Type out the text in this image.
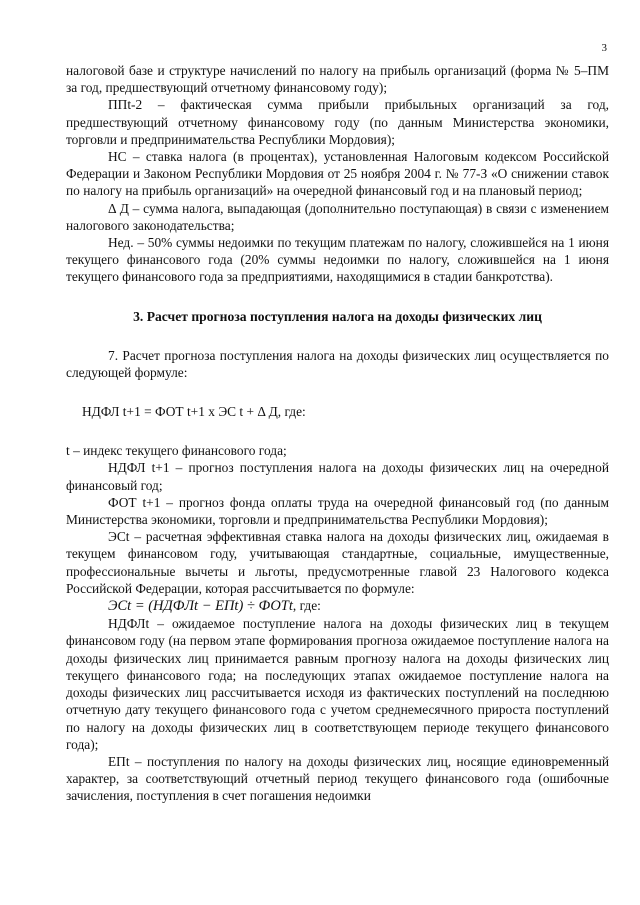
3

налоговой базе и структуре начислений по налогу на прибыль организаций (форма № 5–ПМ за год, предшествующий отчетному финансовому году);

ППt-2 – фактическая сумма прибыли прибыльных организаций за год, предшествующий отчетному финансовому году (по данным Министерства экономики, торговли и предпринимательства Республики Мордовия);

НС – ставка налога (в процентах), установленная Налоговым кодексом Российской Федерации и Законом Республики Мордовия от 25 ноября 2004 г. № 77-З «О снижении ставок по налогу на прибыль организаций» на очередной финансовый год и на плановый период;

Δ Д – сумма налога, выпадающая (дополнительно поступающая) в связи с изменением налогового законодательства;

Нед. – 50% суммы недоимки по текущим платежам по налогу, сложившейся на 1 июня текущего финансового года (20% суммы недоимки по налогу, сложившейся на 1 июня текущего финансового года за предприятиями, находящимися в стадии банкротства).

3. Расчет прогноза поступления налога на доходы физических лиц

7. Расчет прогноза поступления налога на доходы физических лиц осуществляется по следующей формуле:

НДФЛ t+1 = ФОТ t+1 х ЭС t + Δ Д, где:

t – индекс текущего финансового года;

НДФЛ t+1 – прогноз поступления налога на доходы физических лиц на очередной финансовый год;

ФОТ t+1 – прогноз фонда оплаты труда на очередной финансовый год (по данным Министерства экономики, торговли и предпринимательства Республики Мордовия);

ЭСt – расчетная эффективная ставка налога на доходы физических лиц, ожидаемая в текущем финансовом году, учитывающая стандартные, социальные, имущественные, профессиональные вычеты и льготы, предусмотренные главой 23 Налогового кодекса Российской Федерации, которая рассчитывается по формуле:

ЭСt = (НДФЛt − ЕПt) ÷ ФОТt, где:

НДФЛt – ожидаемое поступление налога на доходы физических лиц в текущем финансовом году (на первом этапе формирования прогноза ожидаемое поступление налога на доходы физических лиц принимается равным прогнозу налога на доходы физических лиц текущего финансового года; на последующих этапах ожидаемое поступление налога на доходы физических лиц рассчитывается исходя из фактических поступлений на последнюю отчетную дату текущего финансового года с учетом среднемесячного прироста поступлений по налогу на доходы физических лиц в соответствующем периоде текущего финансового года);

ЕПt – поступления по налогу на доходы физических лиц, носящие единовременный характер, за соответствующий отчетный период текущего финансового года (ошибочные зачисления, поступления в счет погашения недоимки
